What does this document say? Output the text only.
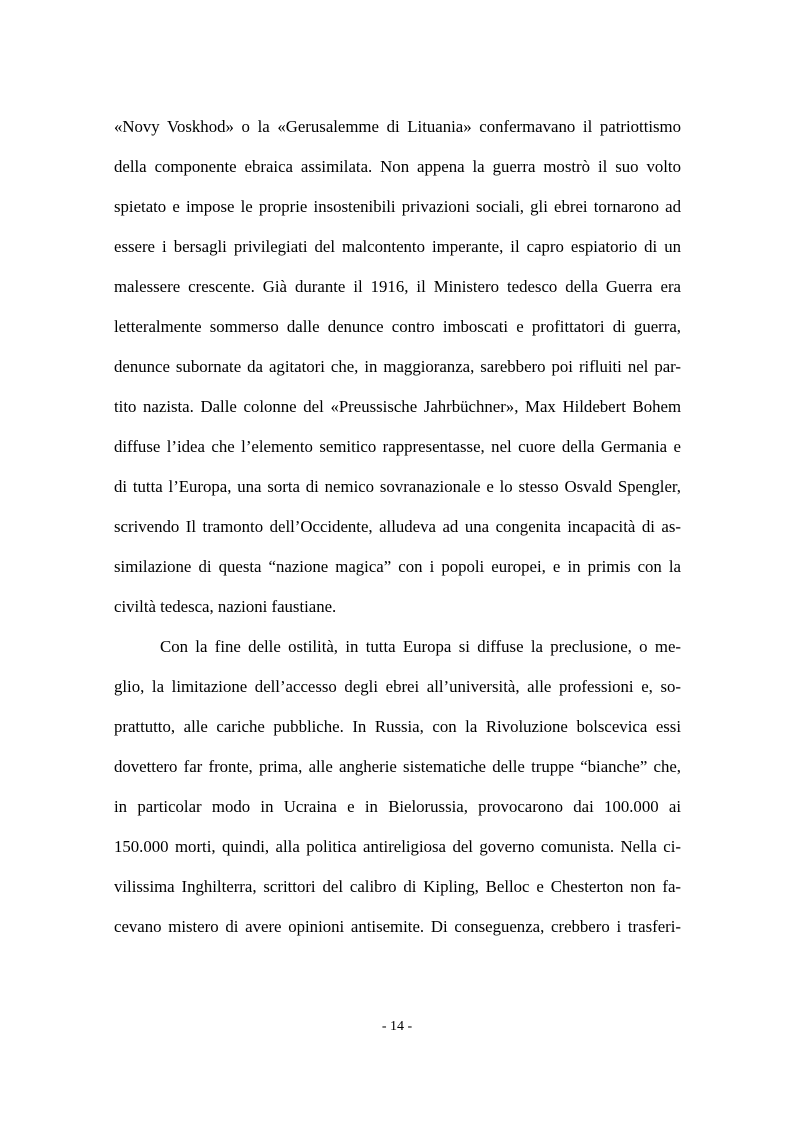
«Novy Voskhod» o la «Gerusalemme di Lituania» confermavano il patriottismo
della componente ebraica assimilata. Non appena la guerra mostrò il suo volto
spietato e impose le proprie insostenibili privazioni sociali, gli ebrei tornarono ad
essere i bersagli privilegiati del malcontento imperante, il capro espiatorio di un
malessere crescente. Già durante il 1916, il Ministero tedesco della Guerra era
letteralmente sommerso dalle denunce contro imboscati e profittatori di guerra,
denunce subornate da agitatori che, in maggioranza, sarebbero poi rifluiti nel par-
tito nazista. Dalle colonne del «Preussische Jahrbüchner», Max Hildebert Bohem
diffuse l’idea che l’elemento semitico rappresentasse, nel cuore della Germania e
di tutta l’Europa, una sorta di nemico sovranazionale e lo stesso Osvald Spengler,
scrivendo Il tramonto dell’Occidente, alludeva ad una congenita incapacità di as-
similazione di questa “nazione magica” con i popoli europei, e in primis con la
civiltà tedesca, nazioni faustiane.
Con la fine delle ostilità, in tutta Europa si diffuse la preclusione, o me-
glio, la limitazione dell’accesso degli ebrei all’università, alle professioni e, so-
prattutto, alle cariche pubbliche. In Russia, con la Rivoluzione bolscevica essi
dovettero far fronte, prima, alle angherie sistematiche delle truppe “bianche” che,
in particolar modo in Ucraina e in Bielorussia, provocarono dai 100.000 ai
150.000 morti, quindi, alla politica antireligiosa del governo comunista. Nella ci-
vilissima Inghilterra, scrittori del calibro di Kipling, Belloc e Chesterton non fa-
cevano mistero di avere opinioni antisemite. Di conseguenza, crebbero i trasferi-
- 14 -
